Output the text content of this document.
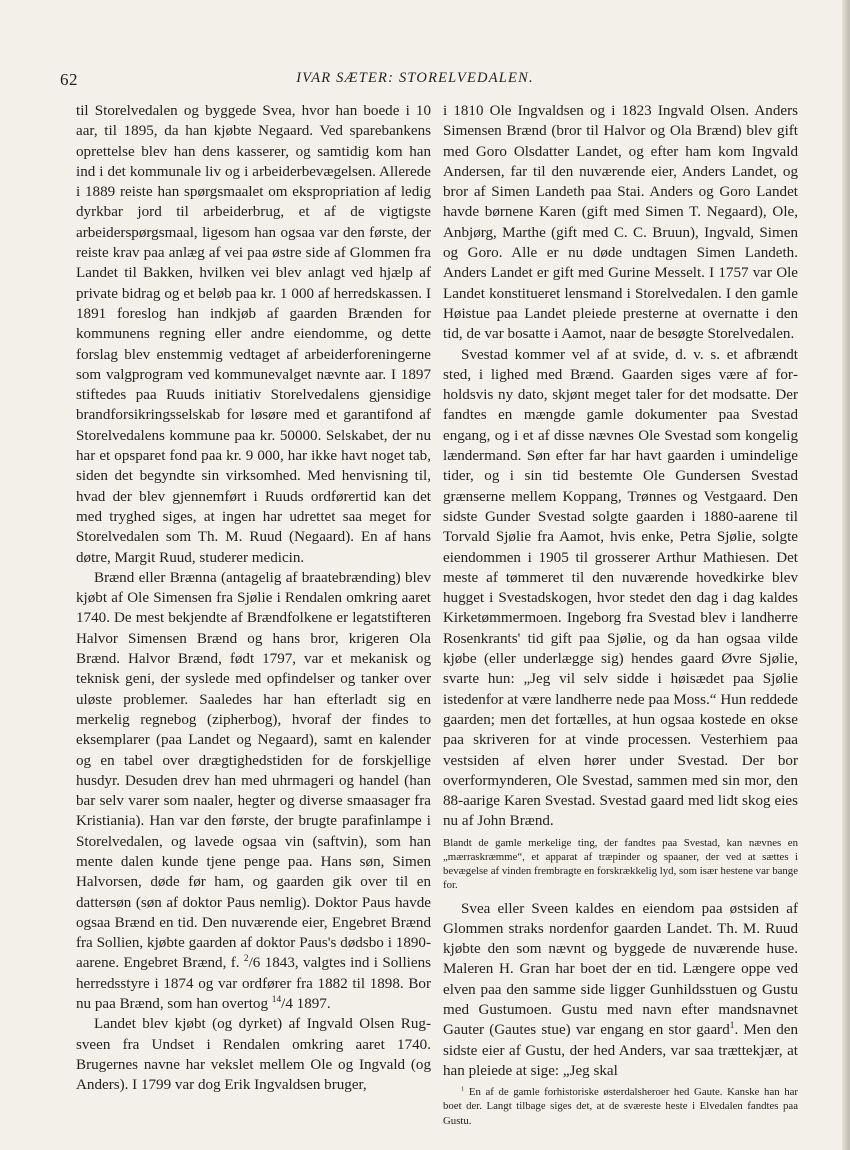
62	IVAR SÆTER: STORELVEDALEN.

til Storelvedalen og byggede Svea, hvor han boede i 10 aar, til 1895, da han kjøbte Negaard. Ved sparebankens oprettelse blev han dens kasserer, og samtidig kom han ind i det kommunale liv og i arbeiderbevægelsen. Allerede i 1889 reiste han spørgsmaalet om ekspropriation af ledig dyrkbar jord til arbeiderbrug, et af de vigtigste arbeiderspørgsmaal, ligesom han ogsaa var den første, der reiste krav paa anlæg af vei paa østre side af Glommen fra Landet til Bakken, hvilken vei blev anlagt ved hjælp af private bidrag og et beløb paa kr. 1 000 af herredskassen. I 1891 foreslog han indkjøb af gaarden Brænden for kommunens regning eller andre eiendomme, og dette forslag blev enstemmig vedtaget af arbeiderforeningerne som valgprogram ved kommunevalget nævnte aar. I 1897 stiftedes paa Ruuds initiativ Storelvedalens gjensidige brandforsikringsselskab for løsøre med et garantifond af Storelvedalens kommune paa kr. 50000. Selskabet, der nu har et opsparet fond paa kr. 9 000, har ikke havt noget tab, siden det begyndte sin virksomhed. Med henvisning til, hvad der blev gjennemført i Ruuds ordførertid kan det med tryghed siges, at ingen har udrettet saa meget for Storelvedalen som Th. M. Ruud (Negaard). En af hans døtre, Margit Ruud, studerer medicin.

Brænd eller Brænna (antagelig af braatebrænding) blev kjøbt af Ole Simensen fra Sjølie i Rendalen omkring aaret 1740. De mest bekjendte af Brændfolkene er legatstifteren Halvor Simensen Brænd og hans bror, krigeren Ola Brænd. Halvor Brænd, født 1797, var et mekanisk og teknisk geni, der syslede med opfindelser og tanker over uløste problemer. Saaledes har han efterladt sig en merkelig regnebog (zipherbog), hvoraf der findes to eksemplarer (paa Landet og Negaard), samt en kalender og en tabel over drægtighedstiden for de forskjellige husdyr. Desuden drev han med uhrmageri og handel (han bar selv varer som naaler, hegter og diverse smaasager fra Kristiania). Han var den første, der brugte parafinlampe i Storelvedalen, og lavede ogsaa vin (saftvin), som han mente dalen kunde tjene penge paa. Hans søn, Simen Halvorsen, døde før ham, og gaarden gik over til en dattersøn (søn af doktor Paus nemlig). Doktor Paus havde ogsaa Brænd en tid. Den nuværende eier, Engebret Brænd fra Sollien, kjøbte gaarden af doktor Paus's dødsbo i 1890-aarene. Engebret Brænd, f. $^2$/6 1843, valgtes ind i Solliens herredsstyre i 1874 og var ordfører fra 1882 til 1898. Bor nu paa Brænd, som han overtog $^{14}$/4 1897.

Landet blev kjøbt (og dyrket) af Ingvald Olsen Rugsveen fra Undset i Rendalen omkring aaret 1740. Brugernes navne har vekslet mellem Ole og Ingvald (og Anders). I 1799 var dog Erik Ingvaldsen bruger,

i 1810 Ole Ingvaldsen og i 1823 Ingvald Olsen. Anders Simensen Brænd (bror til Halvor og Ola Brænd) blev gift med Goro Olsdatter Landet, og efter ham kom Ingvald Andersen, far til den nuværende eier, Anders Landet, og bror af Simen Landeth paa Stai. Anders og Goro Landet havde børnene Karen (gift med Simen T. Negaard), Ole, Anbjørg, Marthe (gift med C. C. Bruun), Ingvald, Simen og Goro. Alle er nu døde undtagen Simen Landeth. Anders Landet er gift med Gurine Messelt. I 1757 var Ole Landet konstitueret lensmand i Storelvedalen. I den gamle Høistue paa Landet pleiede presterne at overnatte i den tid, de var bosatte i Aamot, naar de besøgte Storelvedalen.

Svestad kommer vel af at svide, d. v. s. et afbrændt sted, i lighed med Brænd. Gaarden siges være af forholdsvis ny dato, skjønt meget taler for det modsatte. Der fandtes en mængde gamle dokumenter paa Svestad engang, og i et af disse nævnes Ole Svestad som kongelig lændermand. Søn efter far har havt gaarden i umindelige tider, og i sin tid bestemte Ole Gundersen Svestad grænserne mellem Koppang, Trønnes og Vestgaard. Den sidste Gunder Svestad solgte gaarden i 1880-aarene til Torvald Sjølie fra Aamot, hvis enke, Petra Sjølie, solgte eiendommen i 1905 til grosserer Arthur Mathiesen. Det meste af tømmeret til den nuværende hovedkirke blev hugget i Svestadskogen, hvor stedet den dag i dag kaldes Kirketømmermoen. Ingeborg fra Svestad blev i landherre Rosenkrants' tid gift paa Sjølie, og da han ogsaa vilde kjøbe (eller underlægge sig) hendes gaard Øvre Sjølie, svarte hun: „Jeg vil selv sidde i høisædet paa Sjølie istedenfor at være landherre nede paa Moss.“ Hun reddede gaarden; men det fortælles, at hun ogsaa kostede en okse paa skriveren for at vinde processen. Vesterhiem paa vestsiden af elven hører under Svestad. Der bor overformynderen, Ole Svestad, sammen med sin mor, den 88-aarige Karen Svestad. Svestad gaard med lidt skog eies nu af John Brænd.

Blandt de gamle merkelige ting, der fandtes paa Svestad, kan nævnes en „mærraskræmme“, et apparat af træpinder og spaaner, der ved at sættes i bevægelse af vinden frembragte en forskrækkelig lyd, som især hestene var bange for.

Svea eller Sveen kaldes en eiendom paa østsiden af Glommen straks nordenfor gaarden Landet. Th. M. Ruud kjøbte den som nævnt og byggede de nuværende huse. Maleren H. Gran har boet der en tid. Længere oppe ved elven paa den samme side ligger Gunhildsstuen og Gustu med Gustumoen. Gustu med navn efter mandsnavnet Gauter (Gautes stue) var engang en stor gaard$^1$. Men den sidste eier af Gustu, der hed Anders, var saa trættekjær, at han pleiede at sige: „Jeg skal

$^1$ En af de gamle forhistoriske østerdalsheroer hed Gaute. Kanske han har boet der. Langt tilbage siges det, at de sværeste heste i Elvedalen fandtes paa Gustu.
